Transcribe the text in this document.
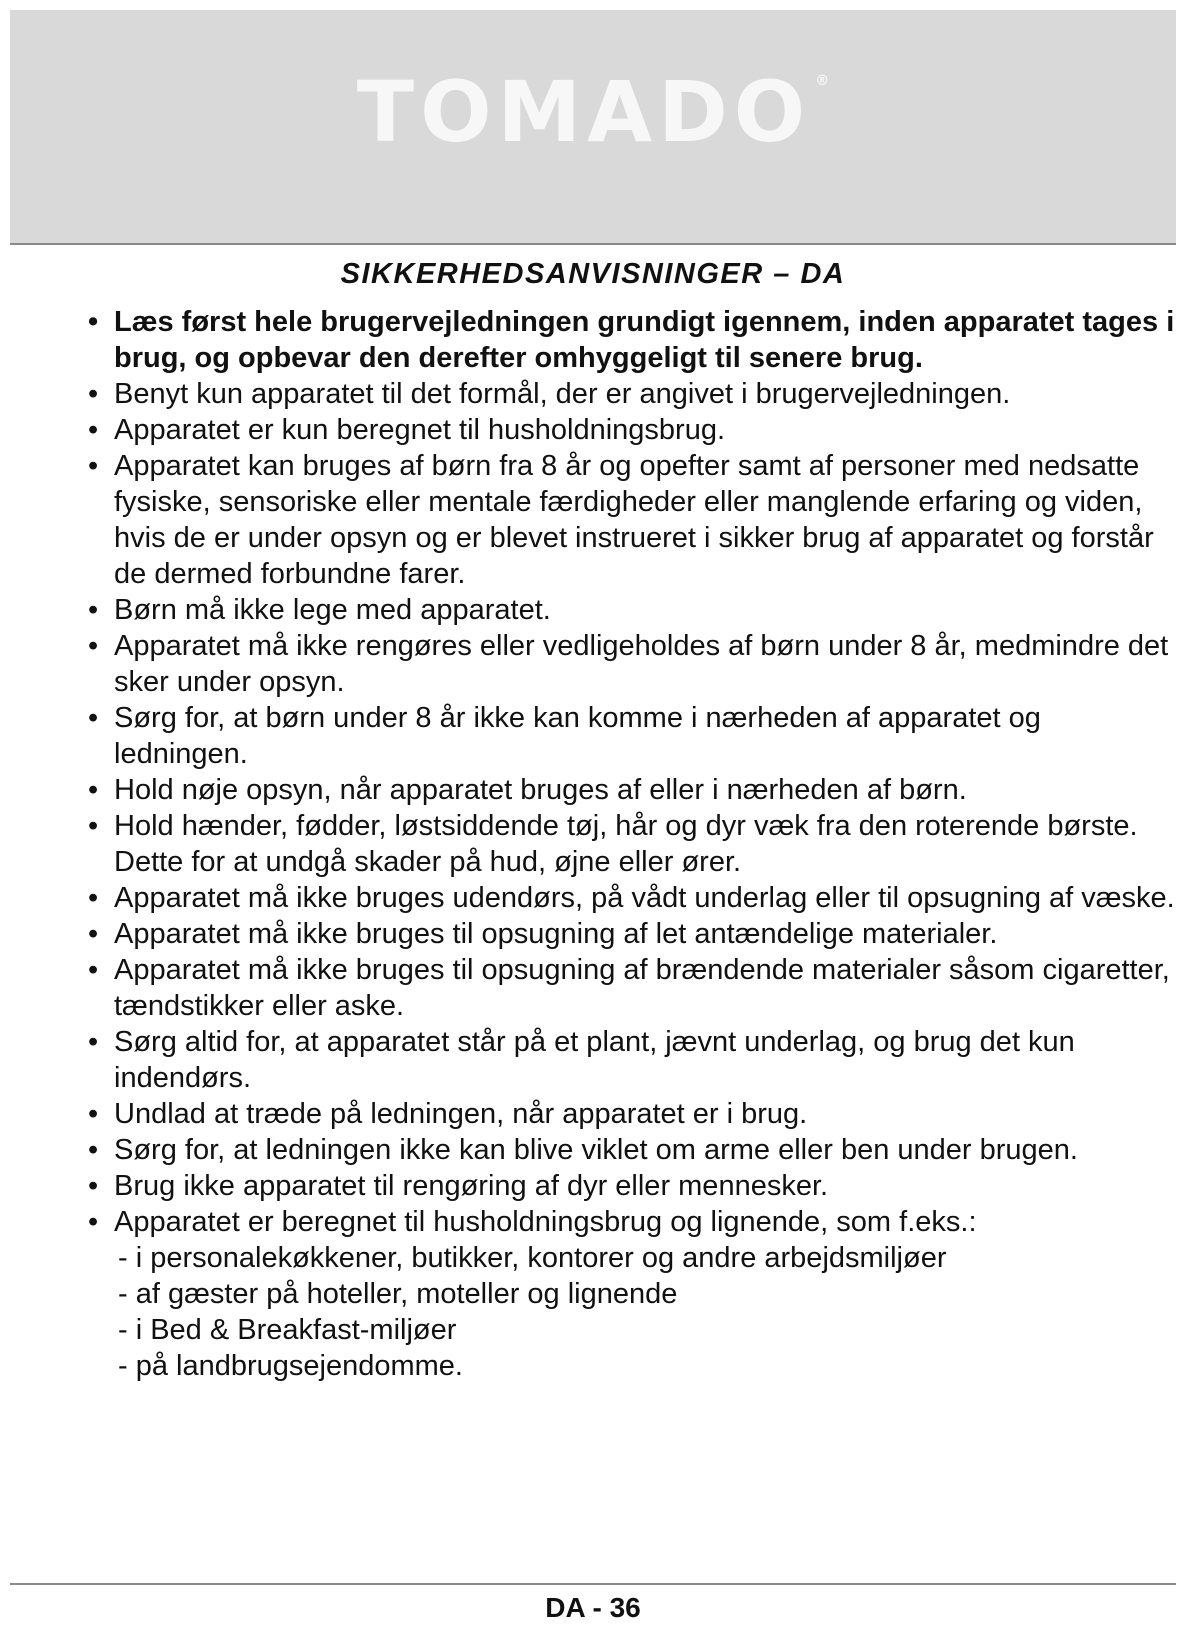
TOMADO ®
SIKKERHEDSANVISNINGER – DA
• Læs først hele brugervejledningen grundigt igennem, inden apparatet tages i brug, og opbevar den derefter omhyggeligt til senere brug.
• Benyt kun apparatet til det formål, der er angivet i brugervejledningen.
• Apparatet er kun beregnet til husholdningsbrug.
• Apparatet kan bruges af børn fra 8 år og opefter samt af personer med nedsatte fysiske, sensoriske eller mentale færdigheder eller manglende erfaring og viden, hvis de er under opsyn og er blevet instrueret i sikker brug af apparatet og forstår de dermed forbundne farer.
• Børn må ikke lege med apparatet.
• Apparatet må ikke rengøres eller vedligeholdes af børn under 8 år, medmindre det sker under opsyn.
• Sørg for, at børn under 8 år ikke kan komme i nærheden af apparatet og ledningen.
• Hold nøje opsyn, når apparatet bruges af eller i nærheden af børn.
• Hold hænder, fødder, løstsiddende tøj, hår og dyr væk fra den roterende børste. Dette for at undgå skader på hud, øjne eller ører.
• Apparatet må ikke bruges udendørs, på vådt underlag eller til opsugning af væske.
• Apparatet må ikke bruges til opsugning af let antændelige materialer.
• Apparatet må ikke bruges til opsugning af brændende materialer såsom cigaretter, tændstikker eller aske.
• Sørg altid for, at apparatet står på et plant, jævnt underlag, og brug det kun indendørs.
• Undlad at træde på ledningen, når apparatet er i brug.
• Sørg for, at ledningen ikke kan blive viklet om arme eller ben under brugen.
• Brug ikke apparatet til rengøring af dyr eller mennesker.
• Apparatet er beregnet til husholdningsbrug og lignende, som f.eks.:
- i personalekøkkener, butikker, kontorer og andre arbejdsmiljøer
- af gæster på hoteller, moteller og lignende
- i Bed & Breakfast-miljøer
- på landbrugsejendomme.
DA - 36
